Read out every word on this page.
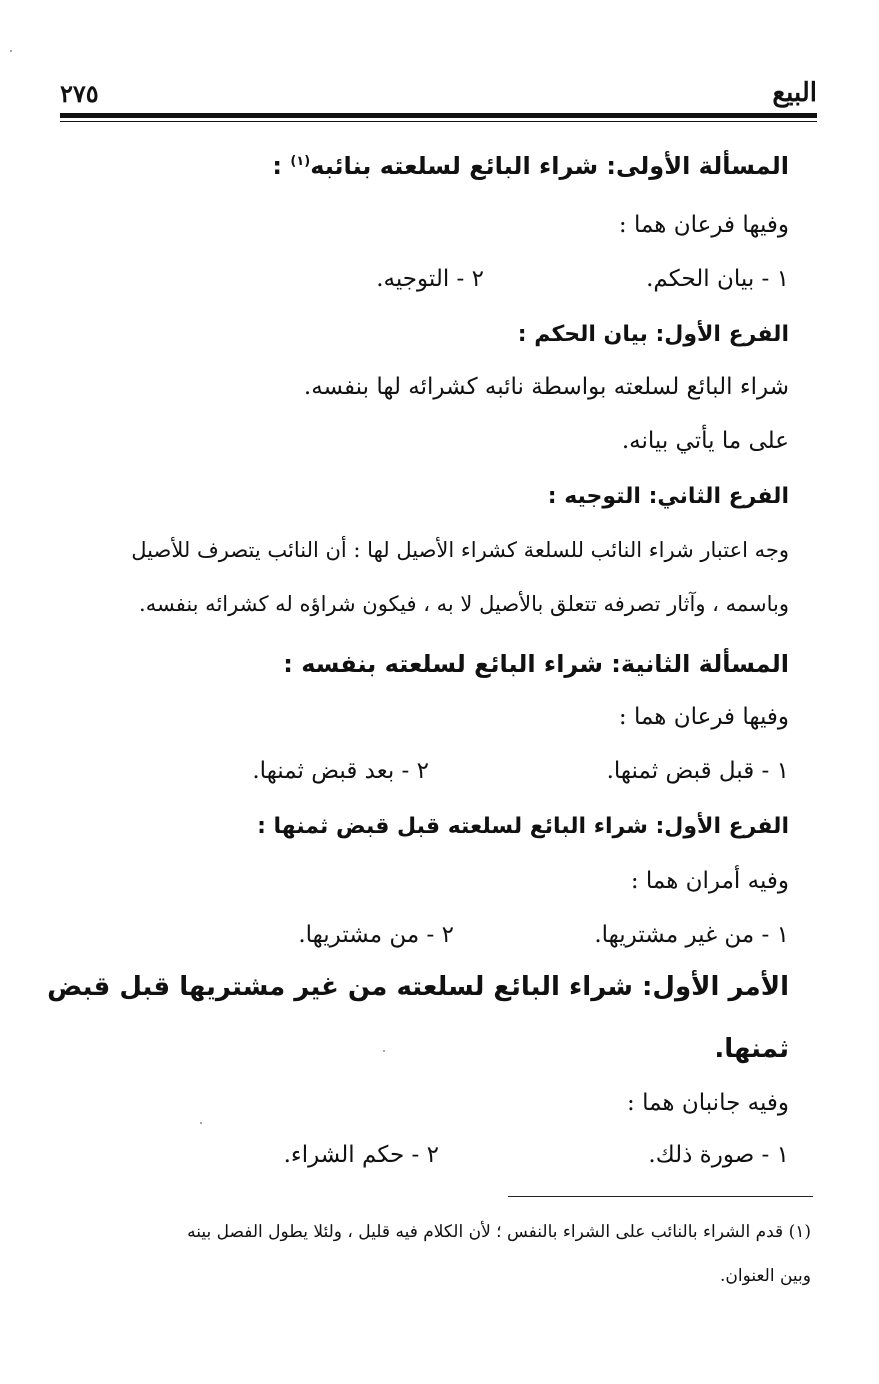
البيع
٢٧٥
المسألة الأولى: شراء البائع لسلعته بنائبه$^{(١)}$ :
وفيها فرعان هما :
١ - بيان الحكم.
٢ - التوجيه.
الفرع الأول: بيان الحكم :
شراء البائع لسلعته بواسطة نائبه كشرائه لها بنفسه.
على ما يأتي بيانه.
الفرع الثاني: التوجيه :
وجه اعتبار شراء النائب للسلعة كشراء الأصيل لها : أن النائب يتصرف للأصيل
وباسمه ، وآثار تصرفه تتعلق بالأصيل لا به ، فيكون شراؤه له كشرائه بنفسه.
المسألة الثانية: شراء البائع لسلعته بنفسه :
وفيها فرعان هما :
١ - قبل قبض ثمنها.
٢ - بعد قبض ثمنها.
الفرع الأول: شراء البائع لسلعته قبل قبض ثمنها :
وفيه أمران هما :
١ - من غير مشتريها.
٢ - من مشتريها.
الأمر الأول: شراء البائع لسلعته من غير مشتريها قبل قبض
ثمنها.
وفيه جانبان هما :
١ - صورة ذلك.
٢ - حكم الشراء.
(١) قدم الشراء بالنائب على الشراء بالنفس ؛ لأن الكلام فيه قليل ، ولئلا يطول الفصل بينه
وبين العنوان.
